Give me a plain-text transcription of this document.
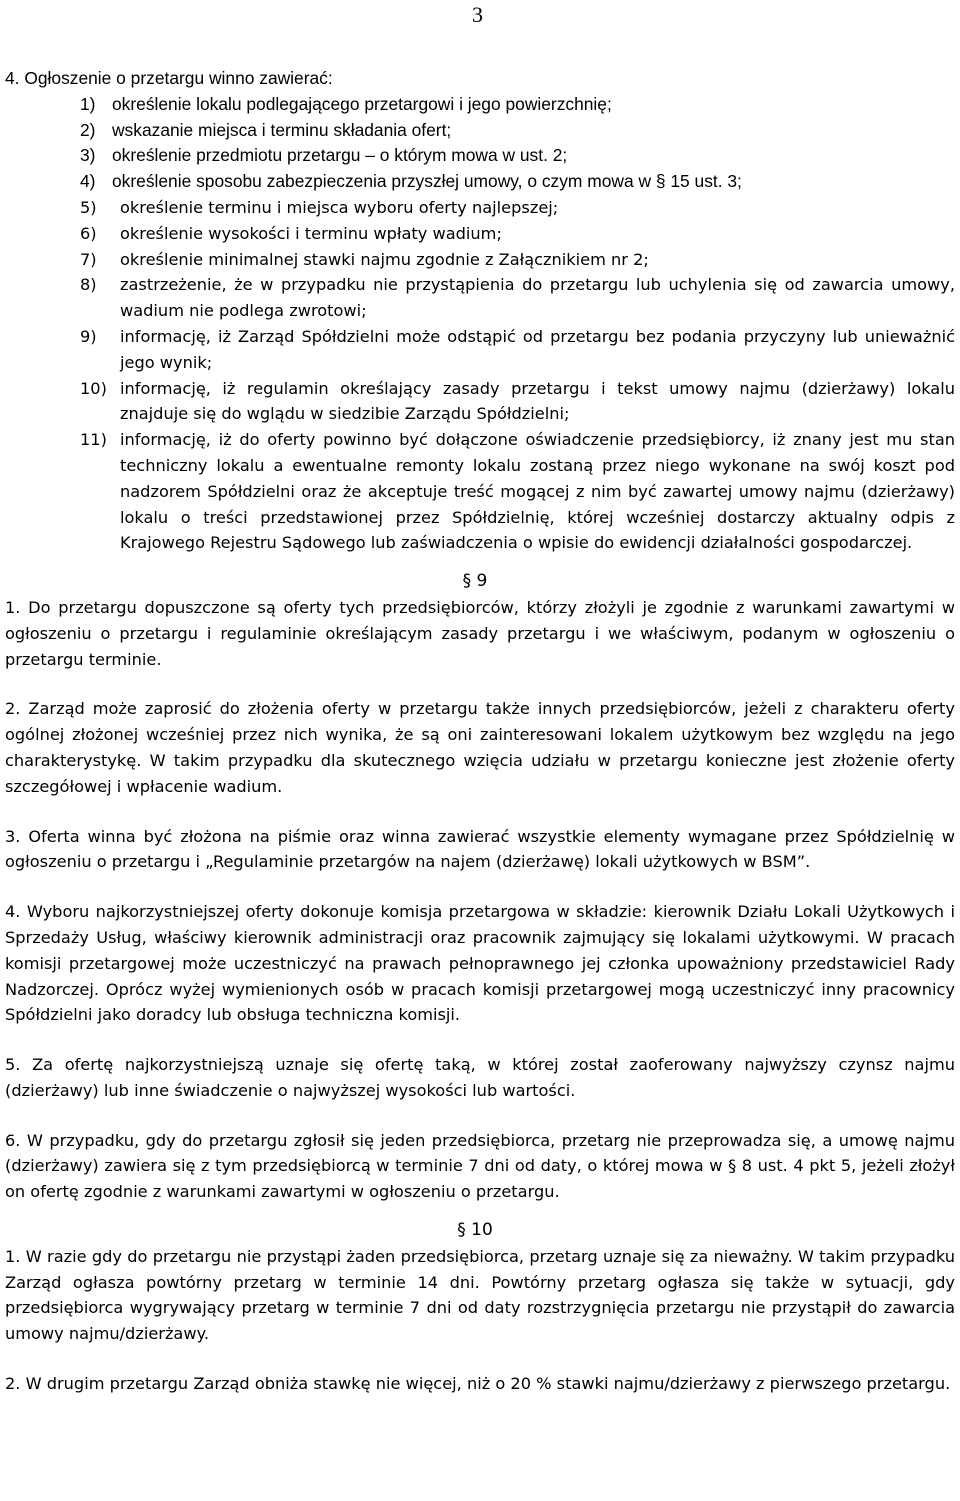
3

4. Ogłoszenie o przetargu winno zawierać:

1) określenie lokalu podlegającego przetargowi i jego powierzchnię;
2) wskazanie miejsca i terminu składania ofert;
3) określenie przedmiotu przetargu – o którym mowa w ust. 2;
4) określenie sposobu zabezpieczenia przyszłej umowy, o czym mowa w § 15 ust. 3;
5)	określenie terminu i miejsca wyboru oferty najlepszej;
6)	określenie wysokości i terminu wpłaty wadium;
7)	określenie minimalnej stawki najmu zgodnie z Załącznikiem nr 2;
8)	zastrzeżenie, że w przypadku nie przystąpienia do przetargu lub uchylenia się od zawarcia umowy, wadium nie podlega zwrotowi;
9)	informację, iż Zarząd Spółdzielni może odstąpić od przetargu bez podania przyczyny lub unieważnić jego wynik;
10) informację, iż regulamin określający zasady przetargu i tekst umowy najmu (dzierżawy) lokalu znajduje się do wglądu w siedzibie Zarządu Spółdzielni;
11) informację, iż do oferty powinno być dołączone oświadczenie przedsiębiorcy, iż znany jest mu stan techniczny lokalu a ewentualne remonty lokalu zostaną przez niego wykonane na swój koszt pod nadzorem Spółdzielni oraz że akceptuje treść mogącej z nim być zawartej umowy najmu (dzierżawy) lokalu o treści przedstawionej przez Spółdzielnię, której wcześniej dostarczy aktualny odpis z Krajowego Rejestru Sądowego lub zaświadczenia o wpisie do ewidencji działalności gospodarczej.
§ 9

1. Do przetargu dopuszczone są oferty tych przedsiębiorców, którzy złożyli je zgodnie z warunkami zawartymi w ogłoszeniu o przetargu i regulaminie określającym zasady przetargu i we właściwym, podanym w ogłoszeniu o przetargu terminie.

2. Zarząd może zaprosić do złożenia oferty w przetargu także innych przedsiębiorców, jeżeli z charakteru oferty ogólnej złożonej wcześniej przez nich wynika, że są oni zainteresowani lokalem użytkowym bez względu na jego charakterystykę. W takim przypadku dla skutecznego wzięcia udziału w przetargu konieczne jest złożenie oferty szczegółowej i wpłacenie wadium.

3. Oferta winna być złożona na piśmie oraz winna zawierać wszystkie elementy wymagane przez Spółdzielnię w ogłoszeniu o przetargu i „Regulaminie przetargów na najem (dzierżawę) lokali użytkowych w BSM”.

4. Wyboru najkorzystniejszej oferty dokonuje komisja przetargowa w składzie: kierownik Działu Lokali Użytkowych i Sprzedaży Usług, właściwy kierownik administracji oraz pracownik zajmujący się lokalami użytkowymi. W pracach komisji przetargowej może uczestniczyć na prawach pełnoprawnego jej członka upoważniony przedstawiciel Rady Nadzorczej. Oprócz wyżej wymienionych osób w pracach komisji przetargowej mogą uczestniczyć inny pracownicy Spółdzielni jako doradcy lub obsługa techniczna komisji.

5. Za ofertę najkorzystniejszą uznaje się ofertę taką, w której został zaoferowany najwyższy czynsz najmu (dzierżawy) lub inne świadczenie o najwyższej wysokości lub wartości.

6. W przypadku, gdy do przetargu zgłosił się jeden przedsiębiorca, przetarg nie przeprowadza się, a umowę najmu (dzierżawy) zawiera się z tym przedsiębiorcą w terminie 7 dni od daty, o której mowa w § 8 ust. 4 pkt 5, jeżeli złożył on ofertę zgodnie z warunkami zawartymi w ogłoszeniu o przetargu.

§ 10

1. W razie gdy do przetargu nie przystąpi żaden przedsiębiorca, przetarg uznaje się za nieważny. W takim przypadku Zarząd ogłasza powtórny przetarg w terminie 14 dni. Powtórny przetarg ogłasza się także w sytuacji, gdy przedsiębiorca wygrywający przetarg w terminie 7 dni od daty rozstrzygnięcia przetargu nie przystąpił do zawarcia umowy najmu/dzierżawy.

2. W drugim przetargu Zarząd obniża stawkę nie więcej, niż o 20 % stawki najmu/dzierżawy z pierwszego przetargu.
